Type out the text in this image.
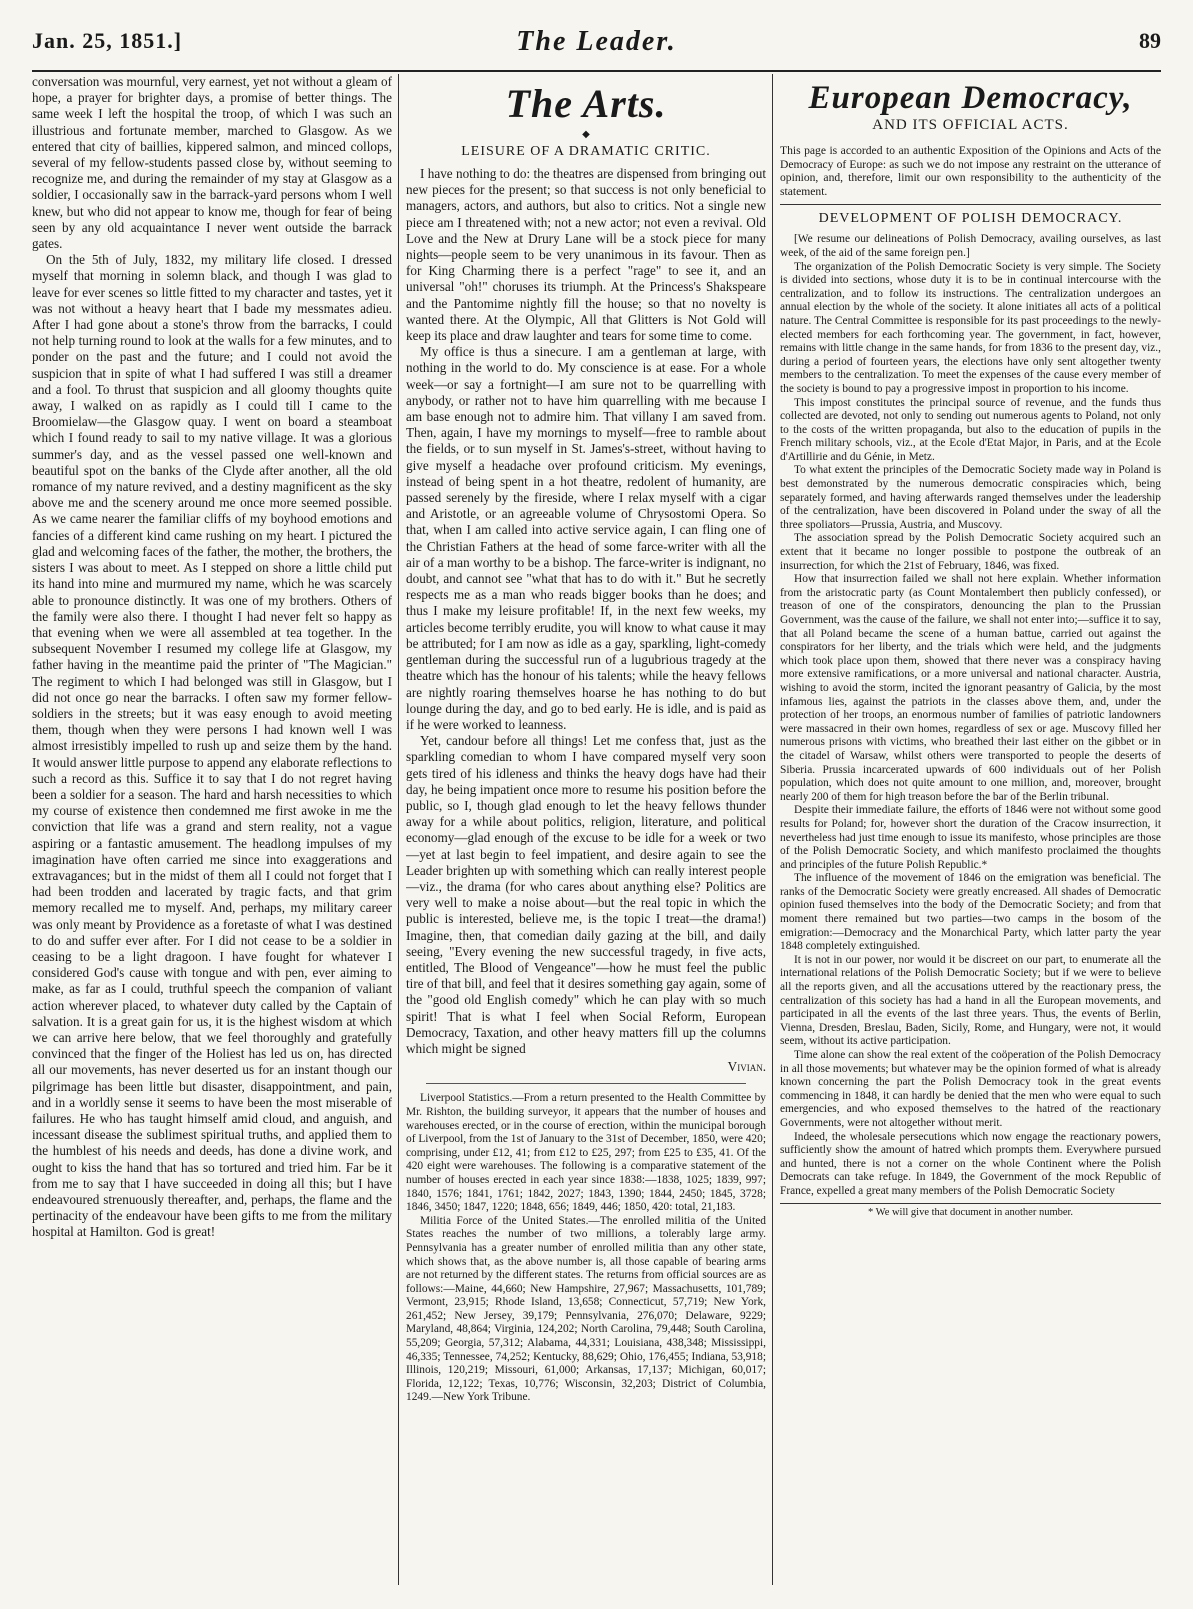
Jan. 25, 1851.]	The Leader.	89

conversation was mournful, very earnest, yet not without a gleam of hope, a prayer for brighter days, a promise of better things. The same week I left the hospital the troop, of which I was such an illustrious and fortunate member, marched to Glasgow. As we entered that city of baillies, kippered salmon, and minced collops, several of my fellow-students passed close by, without seeming to recognize me, and during the remainder of my stay at Glasgow as a soldier, I occasionally saw in the barrack-yard persons whom I well knew, but who did not appear to know me, though for fear of being seen by any old acquaintance I never went outside the barrack gates.

On the 5th of July, 1832, my military life closed. I dressed myself that morning in solemn black, and though I was glad to leave for ever scenes so little fitted to my character and tastes, yet it was not without a heavy heart that I bade my messmates adieu. After I had gone about a stone's throw from the barracks, I could not help turning round to look at the walls for a few minutes, and to ponder on the past and the future; and I could not avoid the suspicion that in spite of what I had suffered I was still a dreamer and a fool. To thrust that suspicion and all gloomy thoughts quite away, I walked on as rapidly as I could till I came to the Broomielaw—the Glasgow quay. I went on board a steamboat which I found ready to sail to my native village. It was a glorious summer's day, and as the vessel passed one well-known and beautiful spot on the banks of the Clyde after another, all the old romance of my nature revived, and a destiny magnificent as the sky above me and the scenery around me once more seemed possible. As we came nearer the familiar cliffs of my boyhood emotions and fancies of a different kind came rushing on my heart. I pictured the glad and welcoming faces of the father, the mother, the brothers, the sisters I was about to meet. As I stepped on shore a little child put its hand into mine and murmured my name, which he was scarcely able to pronounce distinctly. It was one of my brothers. Others of the family were also there. I thought I had never felt so happy as that evening when we were all assembled at tea together. In the subsequent November I resumed my college life at Glasgow, my father having in the meantime paid the printer of "The Magician." The regiment to which I had belonged was still in Glasgow, but I did not once go near the barracks. I often saw my former fellow-soldiers in the streets; but it was easy enough to avoid meeting them, though when they were persons I had known well I was almost irresistibly impelled to rush up and seize them by the hand. It would answer little purpose to append any elaborate reflections to such a record as this. Suffice it to say that I do not regret having been a soldier for a season. The hard and harsh necessities to which my course of existence then condemned me first awoke in me the conviction that life was a grand and stern reality, not a vague aspiring or a fantastic amusement. The headlong impulses of my imagination have often carried me since into exaggerations and extravagances; but in the midst of them all I could not forget that I had been trodden and lacerated by tragic facts, and that grim memory recalled me to myself. And, perhaps, my military career was only meant by Providence as a foretaste of what I was destined to do and suffer ever after. For I did not cease to be a soldier in ceasing to be a light dragoon. I have fought for whatever I considered God's cause with tongue and with pen, ever aiming to make, as far as I could, truthful speech the companion of valiant action wherever placed, to whatever duty called by the Captain of salvation. It is a great gain for us, it is the highest wisdom at which we can arrive here below, that we feel thoroughly and gratefully convinced that the finger of the Holiest has led us on, has directed all our movements, has never deserted us for an instant though our pilgrimage has been little but disaster, disappointment, and pain, and in a worldly sense it seems to have been the most miserable of failures. He who has taught himself amid cloud, and anguish, and incessant disease the sublimest spiritual truths, and applied them to the humblest of his needs and deeds, has done a divine work, and ought to kiss the hand that has so tortured and tried him. Far be it from me to say that I have succeeded in doing all this; but I have endeavoured strenuously thereafter, and, perhaps, the flame and the pertinacity of the endeavour have been gifts to me from the military hospital at Hamilton. God is great!

The Arts.
◆
LEISURE OF A DRAMATIC CRITIC.

I have nothing to do: the theatres are dispensed from bringing out new pieces for the present; so that success is not only beneficial to managers, actors, and authors, but also to critics. Not a single new piece am I threatened with; not a new actor; not even a revival. Old Love and the New at Drury Lane will be a stock piece for many nights—people seem to be very unanimous in its favour. Then as for King Charming there is a perfect "rage" to see it, and an universal "oh!" choruses its triumph. At the Princess's Shakspeare and the Pantomime nightly fill the house; so that no novelty is wanted there. At the Olympic, All that Glitters is Not Gold will keep its place and draw laughter and tears for some time to come.

My office is thus a sinecure. I am a gentleman at large, with nothing in the world to do. My conscience is at ease. For a whole week—or say a fortnight—I am sure not to be quarrelling with anybody, or rather not to have him quarrelling with me because I am base enough not to admire him. That villany I am saved from. Then, again, I have my mornings to myself—free to ramble about the fields, or to sun myself in St. James's-street, without having to give myself a headache over profound criticism. My evenings, instead of being spent in a hot theatre, redolent of humanity, are passed serenely by the fireside, where I relax myself with a cigar and Aristotle, or an agreeable volume of Chrysostomi Opera. So that, when I am called into active service again, I can fling one of the Christian Fathers at the head of some farce-writer with all the air of a man worthy to be a bishop. The farce-writer is indignant, no doubt, and cannot see "what that has to do with it." But he secretly respects me as a man who reads bigger books than he does; and thus I make my leisure profitable! If, in the next few weeks, my articles become terribly erudite, you will know to what cause it may be attributed; for I am now as idle as a gay, sparkling, light-comedy gentleman during the successful run of a lugubrious tragedy at the theatre which has the honour of his talents; while the heavy fellows are nightly roaring themselves hoarse he has nothing to do but lounge during the day, and go to bed early. He is idle, and is paid as if he were worked to leanness.

Yet, candour before all things! Let me confess that, just as the sparkling comedian to whom I have compared myself very soon gets tired of his idleness and thinks the heavy dogs have had their day, he being impatient once more to resume his position before the public, so I, though glad enough to let the heavy fellows thunder away for a while about politics, religion, literature, and political economy—glad enough of the excuse to be idle for a week or two—yet at last begin to feel impatient, and desire again to see the Leader brighten up with something which can really interest people—viz., the drama (for who cares about anything else? Politics are very well to make a noise about—but the real topic in which the public is interested, believe me, is the topic I treat—the drama!) Imagine, then, that comedian daily gazing at the bill, and daily seeing, "Every evening the new successful tragedy, in five acts, entitled, The Blood of Vengeance"—how he must feel the public tire of that bill, and feel that it desires something gay again, some of the "good old English comedy" which he can play with so much spirit! That is what I feel when Social Reform, European Democracy, Taxation, and other heavy matters fill up the columns which might be signed

Vivian.

Liverpool Statistics.—From a return presented to the Health Committee by Mr. Rishton, the building surveyor, it appears that the number of houses and warehouses erected, or in the course of erection, within the municipal borough of Liverpool, from the 1st of January to the 31st of December, 1850, were 420; comprising, under £12, 41; from £12 to £25, 297; from £25 to £35, 41. Of the 420 eight were warehouses. The following is a comparative statement of the number of houses erected in each year since 1838:—1838, 1025; 1839, 997; 1840, 1576; 1841, 1761; 1842, 2027; 1843, 1390; 1844, 2450; 1845, 3728; 1846, 3450; 1847, 1220; 1848, 656; 1849, 446; 1850, 420: total, 21,183.

Militia Force of the United States.—The enrolled militia of the United States reaches the number of two millions, a tolerably large army. Pennsylvania has a greater number of enrolled militia than any other state, which shows that, as the above number is, all those capable of bearing arms are not returned by the different states. The returns from official sources are as follows:—Maine, 44,660; New Hampshire, 27,967; Massachusetts, 101,789; Vermont, 23,915; Rhode Island, 13,658; Connecticut, 57,719; New York, 261,452; New Jersey, 39,179; Pennsylvania, 276,070; Delaware, 9229; Maryland, 48,864; Virginia, 124,202; North Carolina, 79,448; South Carolina, 55,209; Georgia, 57,312; Alabama, 44,331; Louisiana, 438,348; Mississippi, 46,335; Tennessee, 74,252; Kentucky, 88,629; Ohio, 176,455; Indiana, 53,918; Illinois, 120,219; Missouri, 61,000; Arkansas, 17,137; Michigan, 60,017; Florida, 12,122; Texas, 10,776; Wisconsin, 32,203; District of Columbia, 1249.—New York Tribune.

European Democracy,
AND ITS OFFICIAL ACTS.
This page is accorded to an authentic Exposition of the Opinions and Acts of the Democracy of Europe: as such we do not impose any restraint on the utterance of opinion, and, therefore, limit our own responsibility to the authenticity of the statement.
DEVELOPMENT OF POLISH DEMOCRACY.

[We resume our delineations of Polish Democracy, availing ourselves, as last week, of the aid of the same foreign pen.]

The organization of the Polish Democratic Society is very simple. The Society is divided into sections, whose duty it is to be in continual intercourse with the centralization, and to follow its instructions. The centralization undergoes an annual election by the whole of the society. It alone initiates all acts of a political nature. The Central Committee is responsible for its past proceedings to the newly-elected members for each forthcoming year. The government, in fact, however, remains with little change in the same hands, for from 1836 to the present day, viz., during a period of fourteen years, the elections have only sent altogether twenty members to the centralization. To meet the expenses of the cause every member of the society is bound to pay a progressive impost in proportion to his income.

This impost constitutes the principal source of revenue, and the funds thus collected are devoted, not only to sending out numerous agents to Poland, not only to the costs of the written propaganda, but also to the education of pupils in the French military schools, viz., at the Ecole d'Etat Major, in Paris, and at the Ecole d'Artillirie and du Génie, in Metz.

To what extent the principles of the Democratic Society made way in Poland is best demonstrated by the numerous democratic conspiracies which, being separately formed, and having afterwards ranged themselves under the leadership of the centralization, have been discovered in Poland under the sway of all the three spoliators—Prussia, Austria, and Muscovy.

The association spread by the Polish Democratic Society acquired such an extent that it became no longer possible to postpone the outbreak of an insurrection, for which the 21st of February, 1846, was fixed.

How that insurrection failed we shall not here explain. Whether information from the aristocratic party (as Count Montalembert then publicly confessed), or treason of one of the conspirators, denouncing the plan to the Prussian Government, was the cause of the failure, we shall not enter into;—suffice it to say, that all Poland became the scene of a human battue, carried out against the conspirators for her liberty, and the trials which were held, and the judgments which took place upon them, showed that there never was a conspiracy having more extensive ramifications, or a more universal and national character. Austria, wishing to avoid the storm, incited the ignorant peasantry of Galicia, by the most infamous lies, against the patriots in the classes above them, and, under the protection of her troops, an enormous number of families of patriotic landowners were massacred in their own homes, regardless of sex or age. Muscovy filled her numerous prisons with victims, who breathed their last either on the gibbet or in the citadel of Warsaw, whilst others were transported to people the deserts of Siberia. Prussia incarcerated upwards of 600 individuals out of her Polish population, which does not quite amount to one million, and, moreover, brought nearly 200 of them for high treason before the bar of the Berlin tribunal.

Despite their immediate failure, the efforts of 1846 were not without some good results for Poland; for, however short the duration of the Cracow insurrection, it nevertheless had just time enough to issue its manifesto, whose principles are those of the Polish Democratic Society, and which manifesto proclaimed the thoughts and principles of the future Polish Republic.*

The influence of the movement of 1846 on the emigration was beneficial. The ranks of the Democratic Society were greatly encreased. All shades of Democratic opinion fused themselves into the body of the Democratic Society; and from that moment there remained but two parties—two camps in the bosom of the emigration:—Democracy and the Monarchical Party, which latter party the year 1848 completely extinguished.

It is not in our power, nor would it be discreet on our part, to enumerate all the international relations of the Polish Democratic Society; but if we were to believe all the reports given, and all the accusations uttered by the reactionary press, the centralization of this society has had a hand in all the European movements, and participated in all the events of the last three years. Thus, the events of Berlin, Vienna, Dresden, Breslau, Baden, Sicily, Rome, and Hungary, were not, it would seem, without its active participation.

Time alone can show the real extent of the coöperation of the Polish Democracy in all those movements; but whatever may be the opinion formed of what is already known concerning the part the Polish Democracy took in the great events commencing in 1848, it can hardly be denied that the men who were equal to such emergencies, and who exposed themselves to the hatred of the reactionary Governments, were not altogether without merit.

Indeed, the wholesale persecutions which now engage the reactionary powers, sufficiently show the amount of hatred which prompts them. Everywhere pursued and hunted, there is not a corner on the whole Continent where the Polish Democrats can take refuge. In 1849, the Government of the mock Republic of France, expelled a great many members of the Polish Democratic Society

* We will give that document in another number.
